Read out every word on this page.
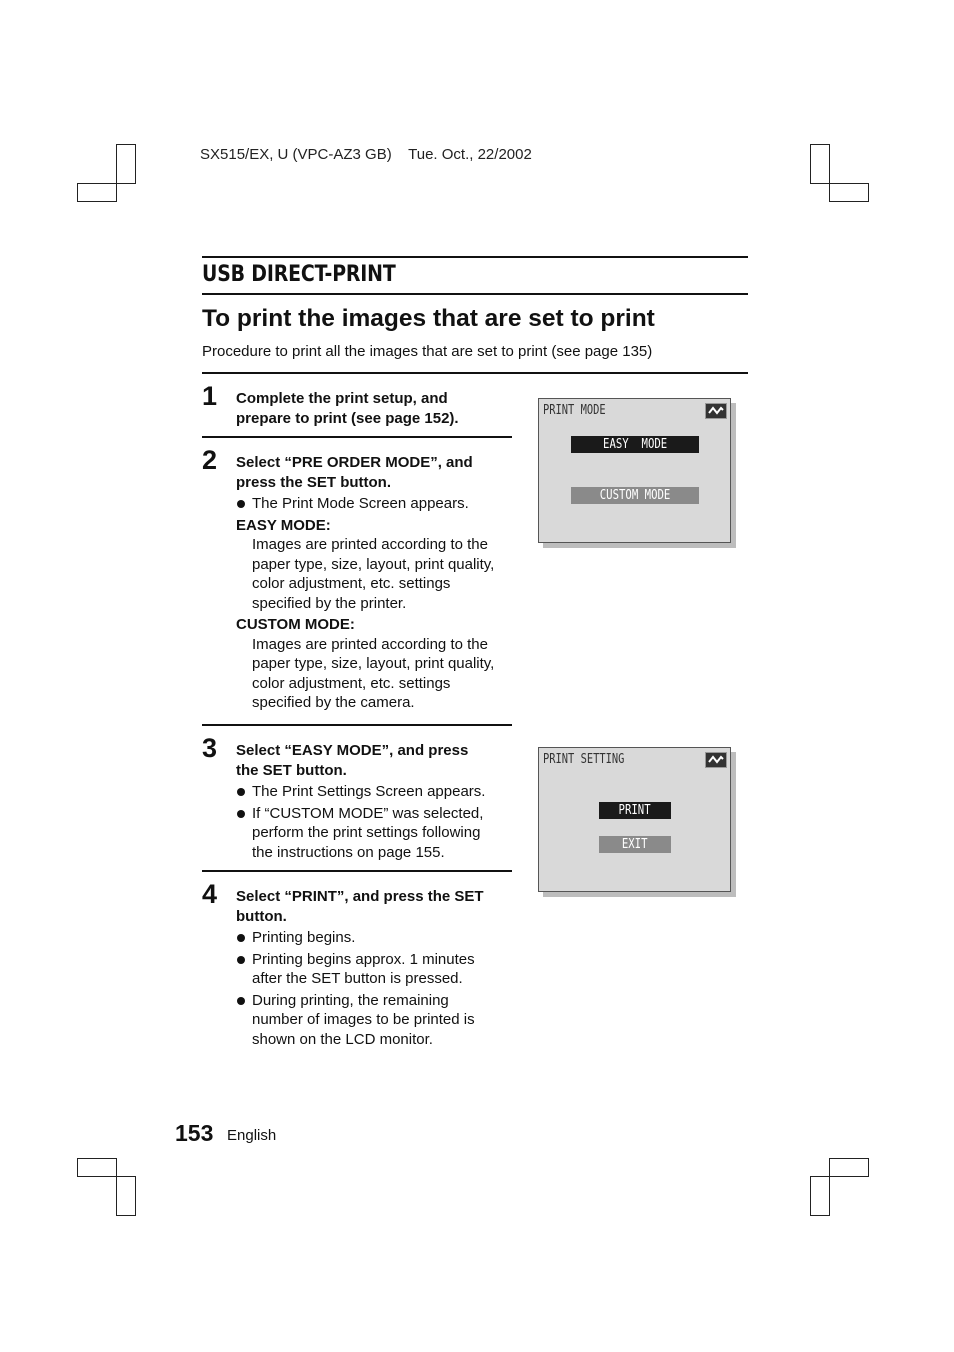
SX515/EX, U (VPC-AZ3 GB)    Tue. Oct., 22/2002
USB DIRECT-PRINT
To print the images that are set to print
Procedure to print all the images that are set to print (see page 135)
1 Complete the print setup, and
prepare to print (see page 152).
2 Select “PRE ORDER MODE”, and
press the SET button.
The Print Mode Screen appears.
EASY MODE:
Images are printed according to the
paper type, size, layout, print quality,
color adjustment, etc. settings
specified by the printer.
CUSTOM MODE:
Images are printed according to the
paper type, size, layout, print quality,
color adjustment, etc. settings
specified by the camera.
3 Select “EASY MODE”, and press
the SET button.
The Print Settings Screen appears.
If “CUSTOM MODE” was selected,
perform the print settings following
the instructions on page 155.
4 Select “PRINT”, and press the SET
button.
Printing begins.
Printing begins approx. 1 minutes
after the SET button is pressed.
During printing, the remaining
number of images to be printed is
shown on the LCD monitor.
PRINT MODE
EASY  MODE
CUSTOM MODE
PRINT SETTING
PRINT
EXIT
153 English
